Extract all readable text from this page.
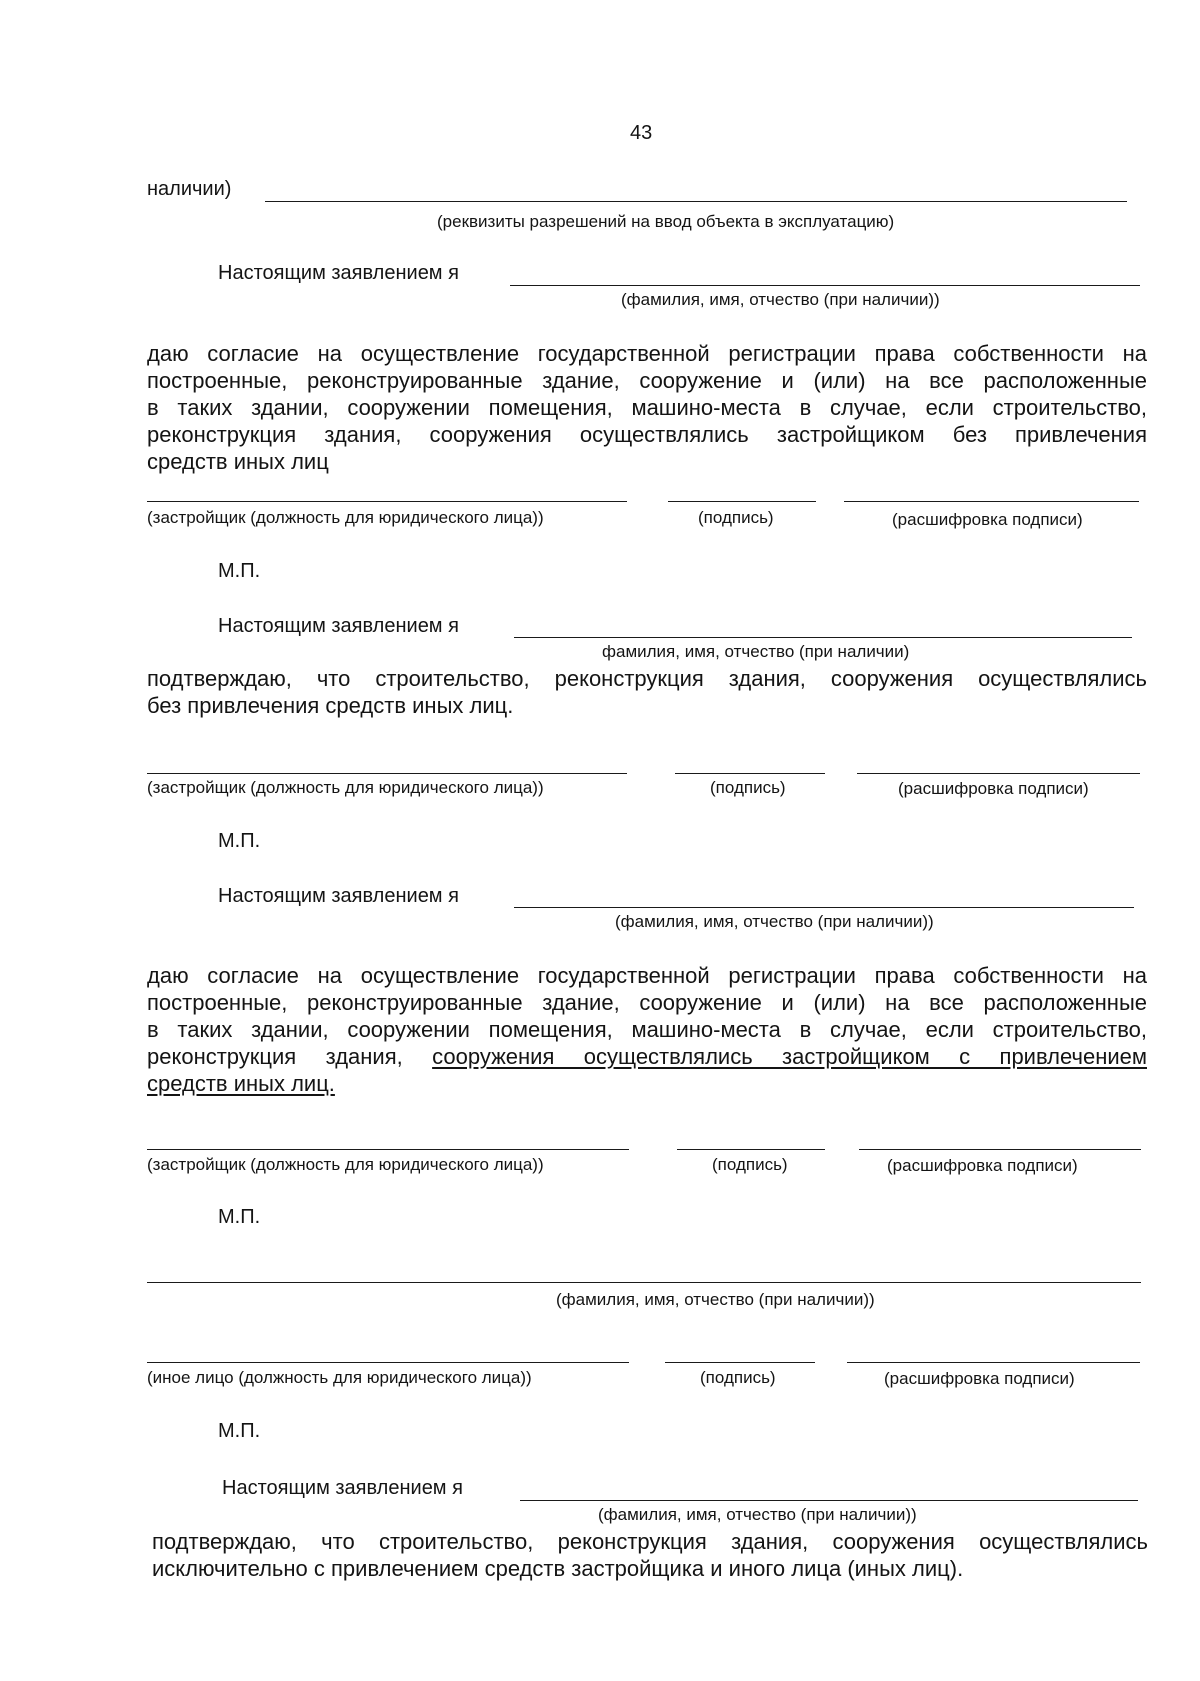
43
наличии)
(реквизиты разрешений на ввод объекта в эксплуатацию)
Настоящим заявлением я
(фамилия, имя, отчество (при наличии))
даю согласие на осуществление государственной регистрации права собственности на
построенные, реконструированные здание, сооружение и (или) на все расположенные
в таких здании, сооружении помещения, машино-места в случае, если строительство,
реконструкция здания, сооружения осуществлялись застройщиком без привлечения
средств иных лиц
(застройщик (должность для юридического лица))	(подпись)	(расшифровка подписи)
М.П.
Настоящим заявлением я
фамилия, имя, отчество (при наличии)
подтверждаю, что строительство, реконструкция здания, сооружения осуществлялись
без привлечения средств иных лиц.
(застройщик (должность для юридического лица))	(подпись)	(расшифровка подписи)
М.П.
Настоящим заявлением я
(фамилия, имя, отчество (при наличии))
даю согласие на осуществление государственной регистрации права собственности на
построенные, реконструированные здание, сооружение и (или) на все расположенные
в таких здании, сооружении помещения, машино-места в случае, если строительство,
реконструкция здания, сооружения осуществлялись застройщиком с привлечением
средств иных лиц.
(застройщик (должность для юридического лица))	(подпись)	(расшифровка подписи)
М.П.
(фамилия, имя, отчество (при наличии))
(иное лицо (должность для юридического лица))	(подпись)	(расшифровка подписи)
М.П.
Настоящим заявлением я
(фамилия, имя, отчество (при наличии))
подтверждаю, что строительство, реконструкция здания, сооружения осуществлялись
исключительно с привлечением средств застройщика и иного лица (иных лиц).
